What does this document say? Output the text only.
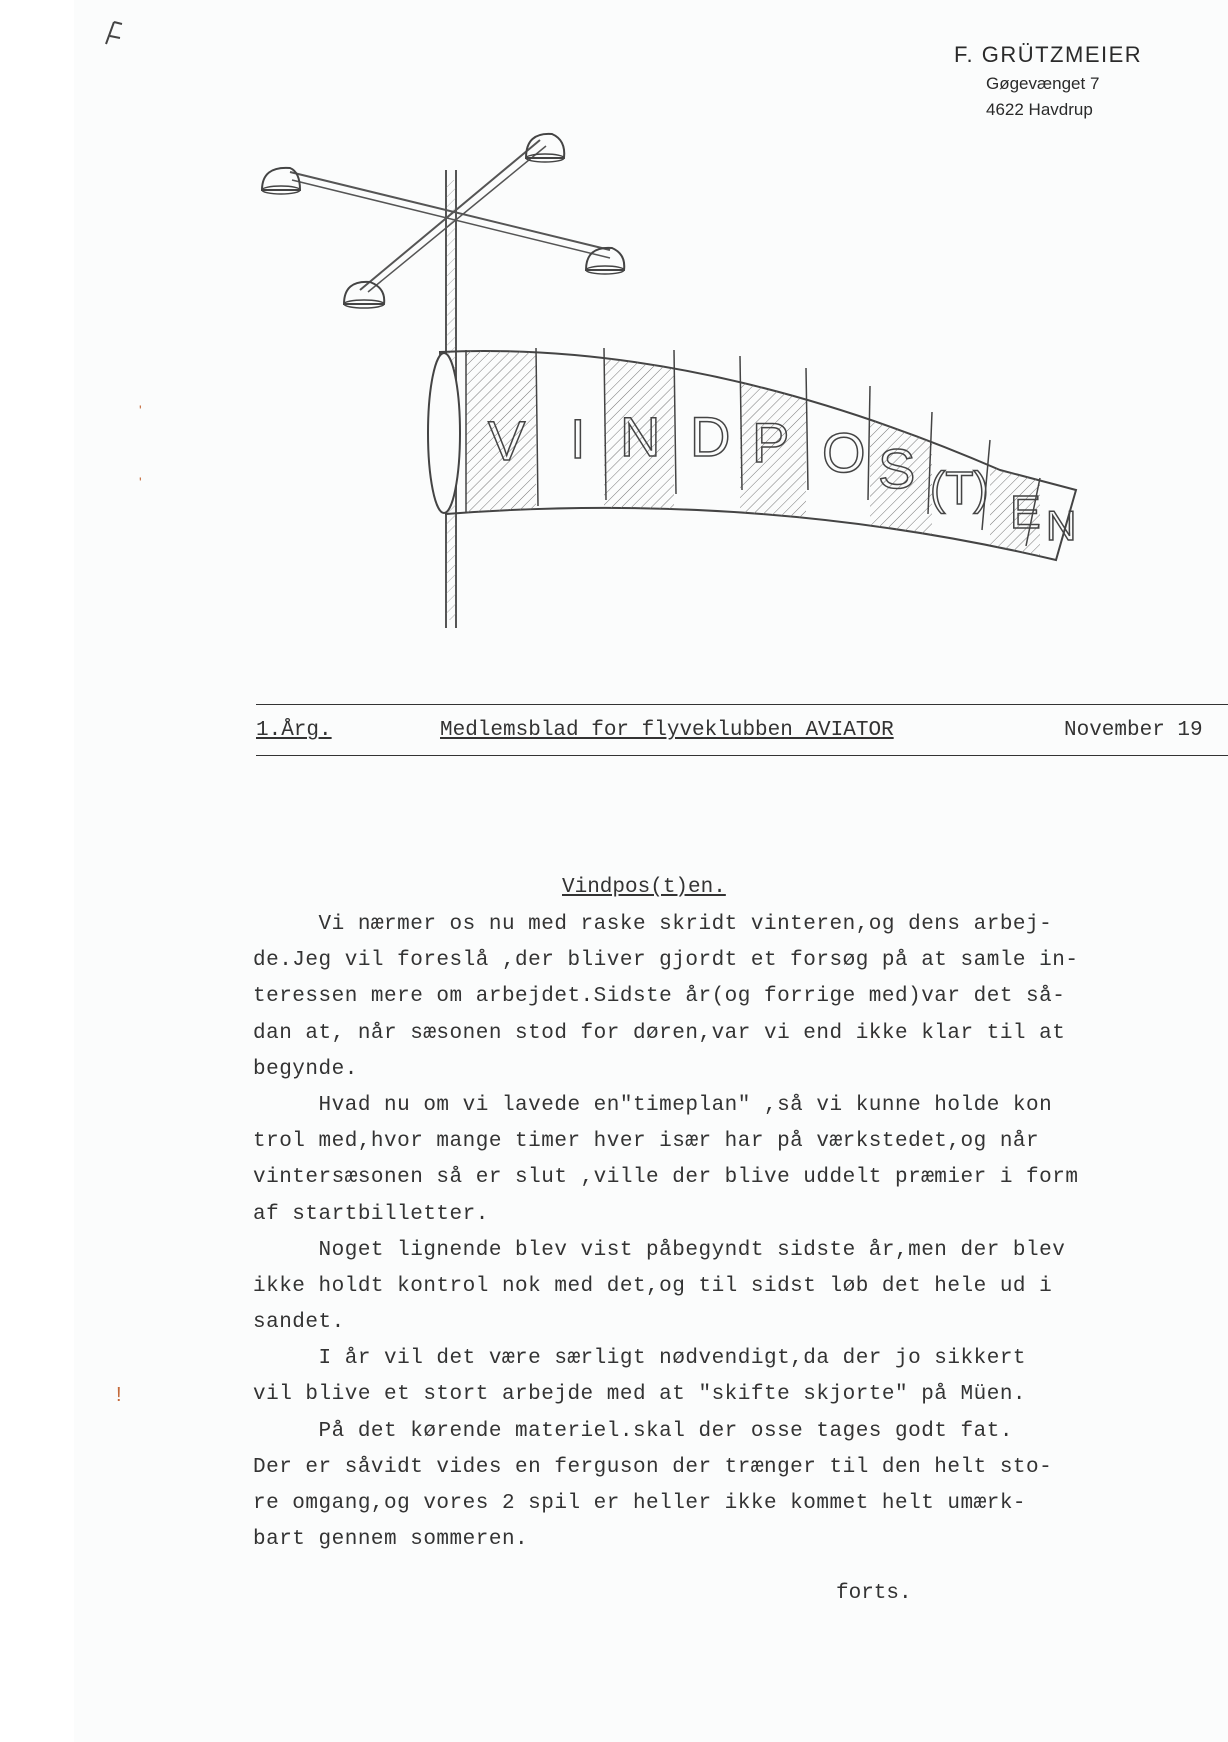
F. GRÜTZMEIER
Gøgevænget 7
4622 Havdrup
V I N D P O S (T) E N
1.Årg.	Medlemsblad for flyveklubben AVIATOR	November 19
Vindpos(t)en.
Vi nærmer os nu med raske skridt vinteren,og dens arbej-
de.Jeg vil foreslå ,der bliver gjordt et forsøg på at samle in-
teressen mere om arbejdet.Sidste år(og forrige med)var det så-
dan at, når sæsonen stod for døren,var vi end ikke klar til at
begynde.
Hvad nu om vi lavede en"timeplan" ,så vi kunne holde kon
trol med,hvor mange timer hver især har på værkstedet,og når
vintersæsonen så er slut ,ville der blive uddelt præmier i form
af startbilletter.
Noget lignende blev vist påbegyndt sidste år,men der blev
ikke holdt kontrol nok med det,og til sidst løb det hele ud i
sandet.
I år vil det være særligt nødvendigt,da der jo sikkert
vil blive et stort arbejde med at "skifte skjorte" på Müen.
På det kørende materiel.skal der osse tages godt fat.
Der er såvidt vides en ferguson der trænger til den helt sto-
re omgang,og vores 2 spil er heller ikke kommet helt umærk-
bart gennem sommeren.
forts.
'
'
!
